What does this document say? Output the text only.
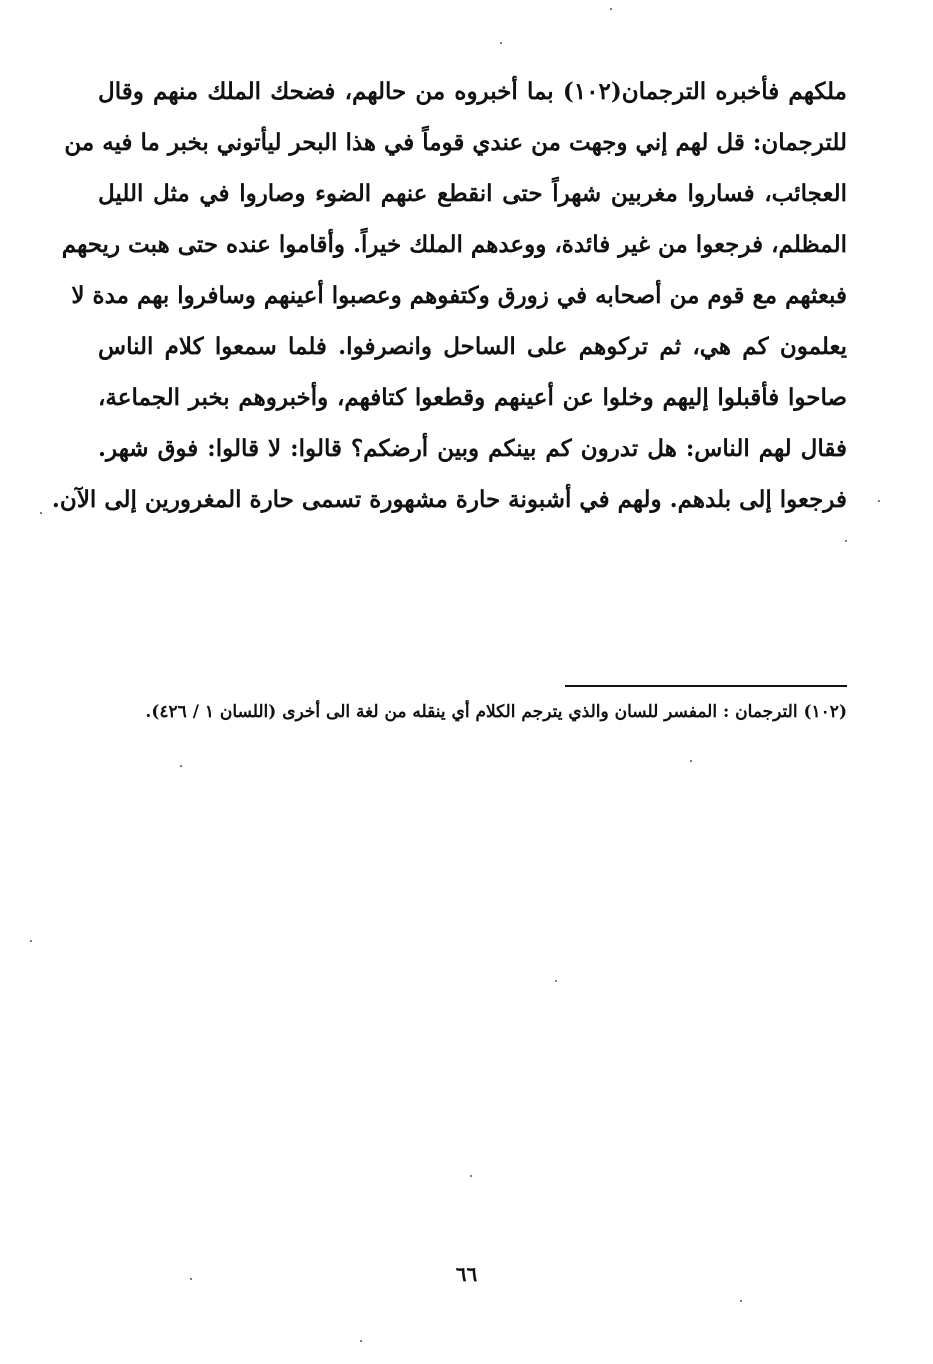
ملكهم فأخبره الترجمان(١٠٢) بما أخبروه من حالهم، فضحك الملك منهم وقال
للترجمان: قل لهم إني وجهت من عندي قوماً في هذا البحر ليأتوني بخبر ما فيه من
العجائب، فساروا مغربين شهراً حتى انقطع عنهم الضوء وصاروا في مثل الليل
المظلم، فرجعوا من غير فائدة، ووعدهم الملك خيراً. وأقاموا عنده حتى هبت ريحهم
فبعثهم مع قوم من أصحابه في زورق وكتفوهم وعصبوا أعينهم وسافروا بهم مدة لا
يعلمون كم هي، ثم تركوهم على الساحل وانصرفوا. فلما سمعوا كلام الناس
صاحوا فأقبلوا إليهم وخلوا عن أعينهم وقطعوا كتافهم، وأخبروهم بخبر الجماعة،
فقال لهم الناس: هل تدرون كم بينكم وبين أرضكم؟ قالوا: لا قالوا: فوق شهر.
فرجعوا إلى بلدهم. ولهم في أشبونة حارة مشهورة تسمى حارة المغرورين إلى الآن.
(١٠٢) الترجمان : المفسر للسان والذي يترجم الكلام أي ينقله من لغة الى أخرى (اللسان ١ / ٤٢٦).
٦٦
